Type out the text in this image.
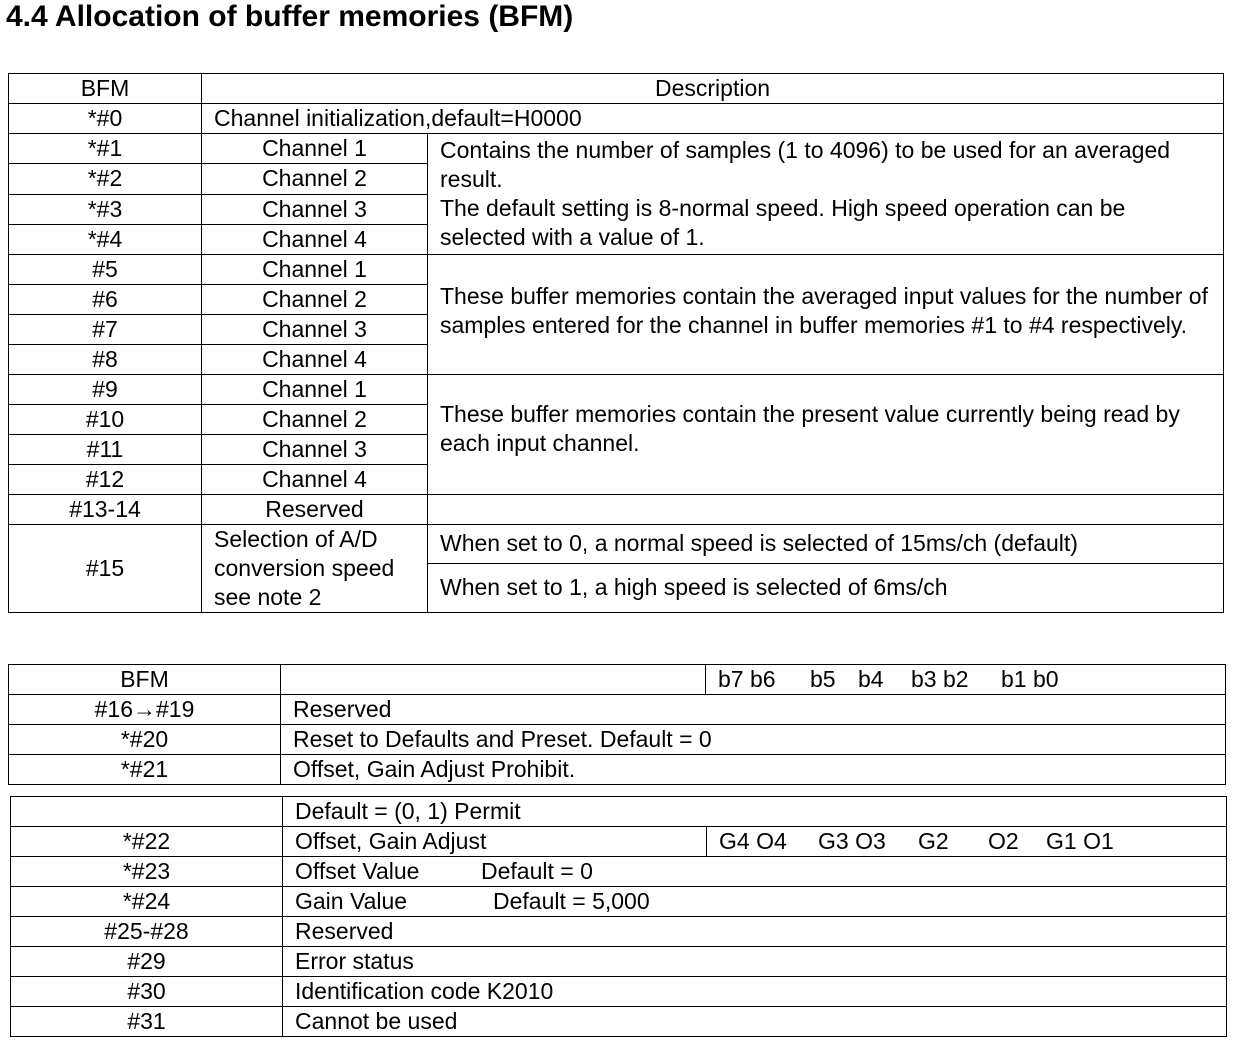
4.4 Allocation of buffer memories (BFM)
BFM	Description	
*#0	Channel initialization,default=H0000	
*#1	Channel 1	Contains the number of samples (1 to 4096) to be used for an averaged result.
The default setting is 8-normal speed. High speed operation can be selected with a value of 1.

*#2	Channel 2	
*#3	Channel 3	
*#4	Channel 4	
#5	Channel 1	These buffer memories contain the averaged input values for the number of samples entered for the channel in buffer memories #1 to #4 respectively.

#6	Channel 2	
#7	Channel 3	
#8	Channel 4	
#9	Channel 1	These buffer memories contain the present value currently being read by each input channel.

#10	Channel 2	
#11	Channel 3	
#12	Channel 4	
#13-14	Reserved	
#15	Selection of A/D conversion speed see note 2	When set to 0, a normal speed is selected of 15ms/ch (default)
		When set to 1, a high speed is selected of 6ms/ch
BFM		b7 b6 b5 b4 b3 b2 b1 b0
#16→#19	Reserved	
*#20	Reset to Defaults and Preset. Default = 0	
*#21	Offset, Gain Adjust Prohibit.	
	Default = (0, 1) Permit	
*#22	Offset, Gain Adjust	G4 O4 G3 O3 G2 O2 G1 O1
*#23	Offset Value Default = 0	
*#24	Gain Value Default = 5,000	
#25-#28	Reserved	
#29	Error status	
#30	Identification code K2010	
#31	Cannot be used	
